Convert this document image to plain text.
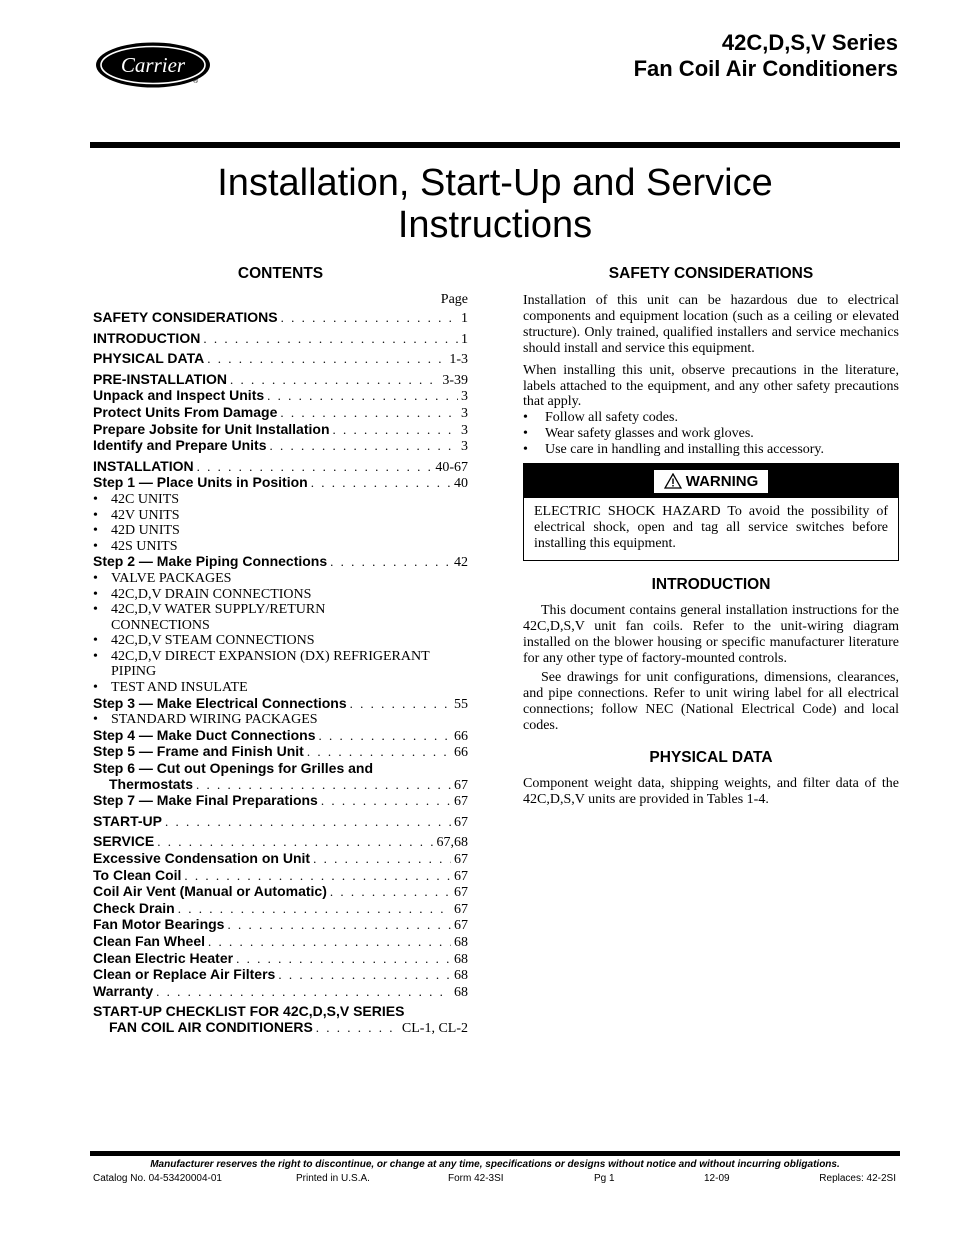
Carrier
®
42C,D,S,V Series
Fan Coil Air Conditioners
Installation, Start-Up and Service
Instructions
CONTENTS
Page
SAFETY CONSIDERATIONS . . .	1
INTRODUCTION . . .	1
PHYSICAL DATA . . .	1-3
PRE-INSTALLATION . . .	3-39
Unpack and Inspect Units . . .	3
Protect Units From Damage . . .	3
Prepare Jobsite for Unit Installation . . .	3
Identify and Prepare Units . . .	3
INSTALLATION . . .	40-67
Step 1 — Place Units in Position . . .	40
• 42C UNITS
• 42V UNITS
• 42D UNITS
• 42S UNITS
Step 2 — Make Piping Connections . . .	42
• VALVE PACKAGES
• 42C,D,V DRAIN CONNECTIONS
• 42C,D,V WATER SUPPLY/RETURN
CONNECTIONS
• 42C,D,V STEAM CONNECTIONS
• 42C,D,V DIRECT EXPANSION (DX) REFRIGERANT
PIPING
• TEST AND INSULATE
Step 3 — Make Electrical Connections . . .	55
• STANDARD WIRING PACKAGES
Step 4 — Make Duct Connections . . .	66
Step 5 — Frame and Finish Unit . . .	66
Step 6 — Cut out Openings for Grilles and
Thermostats . . .	67
Step 7 — Make Final Preparations . . .	67
START-UP . . .	67
SERVICE . . .	67,68
Excessive Condensation on Unit . . .	67
To Clean Coil . . .	67
Coil Air Vent (Manual or Automatic) . . .	67
Check Drain . . .	67
Fan Motor Bearings . . .	67
Clean Fan Wheel . . .	68
Clean Electric Heater . . .	68
Clean or Replace Air Filters . . .	68
Warranty . . .	68
START-UP CHECKLIST FOR 42C,D,S,V SERIES
FAN COIL AIR CONDITIONERS . . .	CL-1, CL-2
SAFETY CONSIDERATIONS

Installation of this unit can be hazardous due to electrical components and equipment location (such as a ceiling or elevated structure). Only trained, qualified installers and service mechanics should install and service this equipment.

When installing this unit, observe precautions in the literature, labels attached to the equipment, and any other safety precautions that apply.

• Follow all safety codes.
• Wear safety glasses and work gloves.
• Use care in handling and installing this accessory.
WARNING
ELECTRIC SHOCK HAZARD To avoid the possibility of electrical shock, open and tag all service switches before installing this equipment.
INTRODUCTION

This document contains general installation instructions for the 42C,D,S,V unit fan coils. Refer to the unit-wiring diagram installed on the blower housing or specific manufacturer literature for any other type of factory-mounted controls.

See drawings for unit configurations, dimensions, clearances, and pipe connections. Refer to unit wiring label for all electrical connections; follow NEC (National Electrical Code) and local codes.

PHYSICAL DATA

Component weight data, shipping weights, and filter data of the 42C,D,S,V units are provided in Tables 1-4.

Manufacturer reserves the right to discontinue, or change at any time, specifications or designs without notice and without incurring obligations.
Catalog No. 04-53420004-01	Printed in U.S.A.	Form 42-3SI	Pg 1	12-09	Replaces: 42-2SI
